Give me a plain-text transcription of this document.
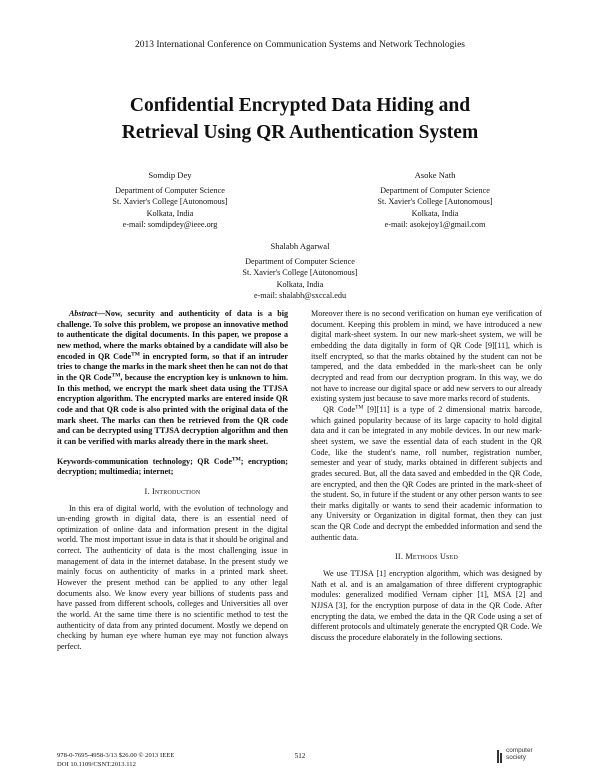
2013 International Conference on Communication Systems and Network Technologies
Confidential Encrypted Data Hiding and
Retrieval Using QR Authentication System
Somdip Dey
Department of Computer Science
St. Xavier's College [Autonomous]
Kolkata, India
e-mail: somdipdey@ieee.org
Asoke Nath
Department of Computer Science
St. Xavier's College [Autonomous]
Kolkata, India
e-mail: asokejoy1@gmail.com
Shalabh Agarwal
Department of Computer Science
St. Xavier's College [Autonomous]
Kolkata, India
e-mail: shalabh@sxccal.edu

Abstract—Now, security and authenticity of data is a big challenge. To solve this problem, we propose an innovative method to authenticate the digital documents. In this paper, we propose a new method, where the marks obtained by a candidate will also be encoded in QR Code™ in encrypted form, so that if an intruder tries to change the marks in the mark sheet then he can not do that in the QR Code™, because the encryption key is unknown to him. In this method, we encrypt the mark sheet data using the TTJSA encryption algorithm. The encrypted marks are entered inside QR code and that QR code is also printed with the original data of the mark sheet. The marks can then be retrieved from the QR code and can be decrypted using TTJSA decryption algorithm and then it can be verified with marks already there in the mark sheet.

Keywords-communication technology; QR Code™; encryption; decryption; multimedia; internet;

I. Introduction

In this era of digital world, with the evolution of technology and un-ending growth in digital data, there is an essential need of optimization of online data and information present in the digital world. The most important issue in data is that it should be original and correct. The authenticity of data is the most challenging issue in management of data in the internet database. In the present study we mainly focus on authenticity of marks in a printed mark sheet. However the present method can be applied to any other legal documents also. We know every year billions of students pass and have passed from different schools, colleges and Universities all over the world. At the same time there is no scientific method to test the authenticity of data from any printed document. Mostly we depend on checking by human eye where human eye may not function always perfect.

Moreover there is no second verification on human eye verification of document. Keeping this problem in mind, we have introduced a new digital mark-sheet system. In our new mark-sheet system, we will be embedding the data digitally in form of QR Code [9][11], which is itself encrypted, so that the marks obtained by the student can not be tampered, and the data embedded in the mark-sheet can be only decrypted and read from our decryption program. In this way, we do not have to increase our digital space or add new servers to our already existing system just because to save more marks record of students.

QR Code™ [9][11] is a type of 2 dimensional matrix barcode, which gained popularity because of its large capacity to hold digital data and it can be integrated in any mobile devices. In our new mark-sheet system, we save the essential data of each student in the QR Code, like the student's name, roll number, registration number, semester and year of study, marks obtained in different subjects and grades secured. But, all the data saved and embedded in the QR Code, are encrypted, and then the QR Codes are printed in the mark-sheet of the student. So, in future if the student or any other person wants to see their marks digitally or wants to send their academic information to any University or Organization in digital format, then they can just scan the QR Code and decrypt the embedded information and send the authentic data.

II. Methods Used

We use TTJSA [1] encryption algorithm, which was designed by Nath et al. and is an amalgamation of three different cryptographic modules: generalized modified Vernam cipher [1], MSA [2] and NJJSA [3], for the encryption purpose of data in the QR Code. After encrypting the data, we embed the data in the QR Code using a set of different protocols and ultimately generate the encrypted QR Code. We discuss the procedure elaborately in the following sections.

978-0-7695-4958-3/13 $26.00 © 2013 IEEE
DOI 10.1109/CSNT.2013.112
512
computer
society
